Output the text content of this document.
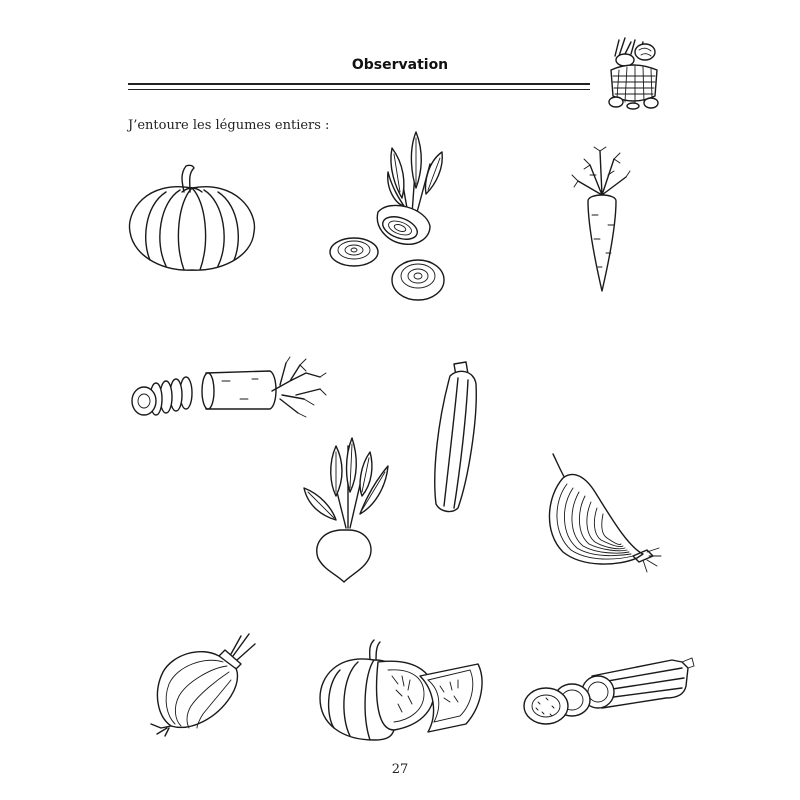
Observation
J’entoure les légumes entiers :
27
